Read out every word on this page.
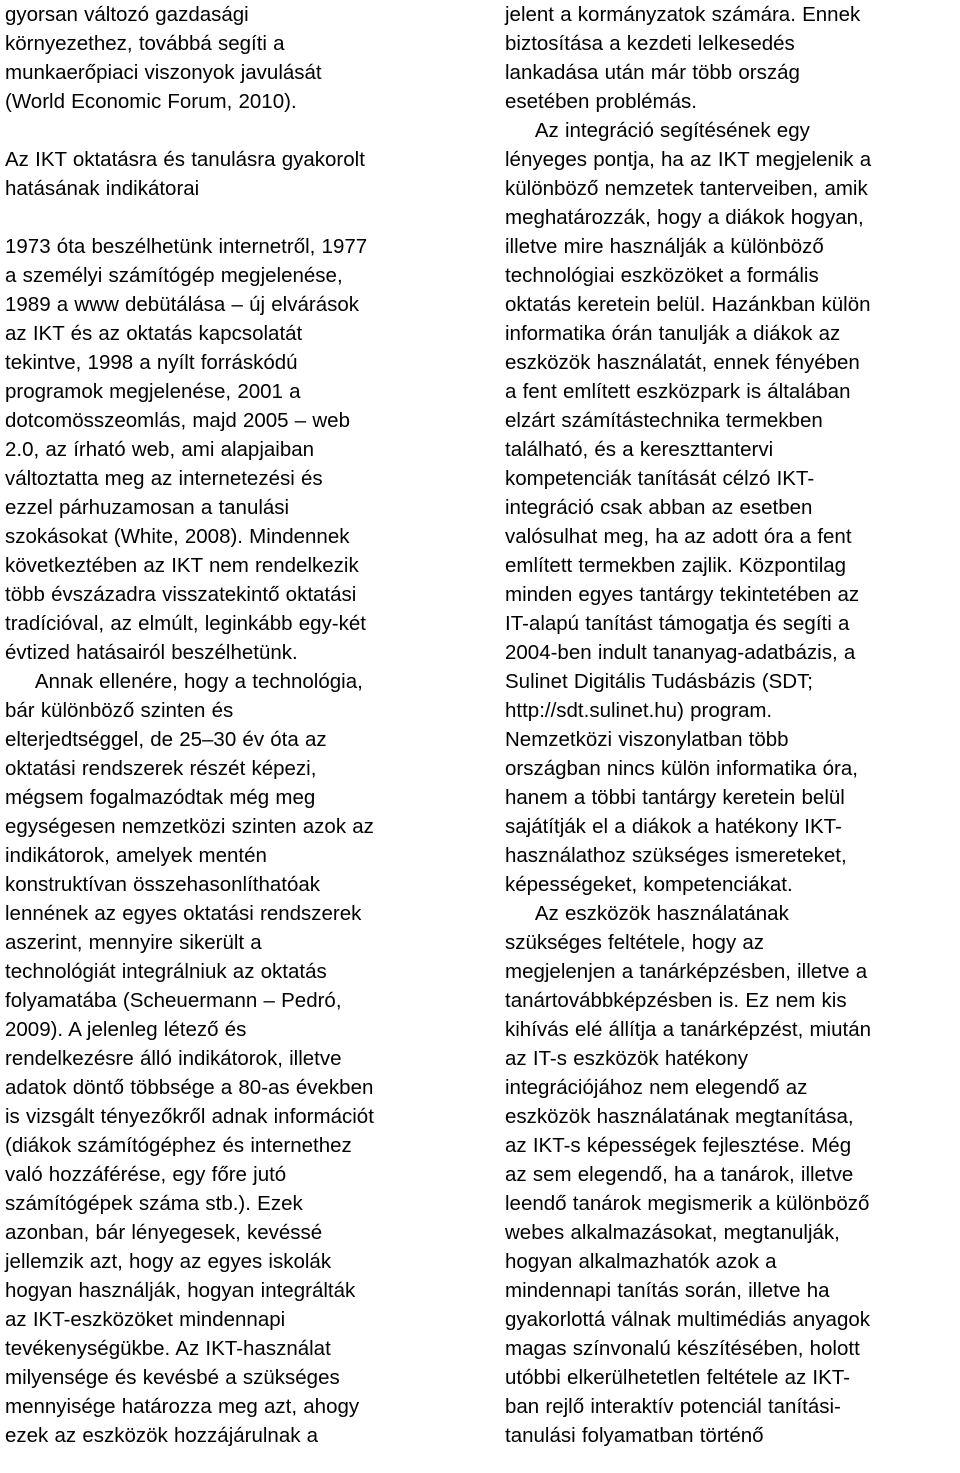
gyorsan változó gazdasági
környezethez, továbbá segíti a
munkaerőpiaci viszonyok javulását
(World Economic Forum, 2010).
Az IKT oktatásra és tanulásra gyakorolt
hatásának indikátorai
1973 óta beszélhetünk internetről, 1977
a személyi számítógép megjelenése,
1989 a www debütálása – új elvárások
az IKT és az oktatás kapcsolatát
tekintve, 1998 a nyílt forráskódú
programok megjelenése, 2001 a
dotcomösszeomlás, majd 2005 – web
2.0, az írható web, ami alapjaiban
változtatta meg az internetezési és
ezzel párhuzamosan a tanulási
szokásokat (White, 2008). Mindennek
következtében az IKT nem rendelkezik
több évszázadra visszatekintő oktatási
tradícióval, az elmúlt, leginkább egy-két
évtized hatásairól beszélhetünk.
Annak ellenére, hogy a technológia,
bár különböző szinten és
elterjedtséggel, de 25–30 év óta az
oktatási rendszerek részét képezi,
mégsem fogalmazódtak még meg
egységesen nemzetközi szinten azok az
indikátorok, amelyek mentén
konstruktívan összehasonlíthatóak
lennének az egyes oktatási rendszerek
aszerint, mennyire sikerült a
technológiát integrálniuk az oktatás
folyamatába (Scheuermann – Pedró,
2009). A jelenleg létező és
rendelkezésre álló indikátorok, illetve
adatok döntő többsége a 80-as években
is vizsgált tényezőkről adnak információt
(diákok számítógéphez és internethez
való hozzáférése, egy főre jutó
számítógépek száma stb.). Ezek
azonban, bár lényegesek, kevéssé
jellemzik azt, hogy az egyes iskolák
hogyan használják, hogyan integrálták
az IKT-eszközöket mindennapi
tevékenységükbe. Az IKT-használat
milyensége és kevésbé a szükséges
mennyisége határozza meg azt, ahogy
ezek az eszközök hozzájárulnak a
jelent a kormányzatok számára. Ennek
biztosítása a kezdeti lelkesedés
lankadása után már több ország
esetében problémás.
Az integráció segítésének egy
lényeges pontja, ha az IKT megjelenik a
különböző nemzetek tanterveiben, amik
meghatározzák, hogy a diákok hogyan,
illetve mire használják a különböző
technológiai eszközöket a formális
oktatás keretein belül. Hazánkban külön
informatika órán tanulják a diákok az
eszközök használatát, ennek fényében
a fent említett eszközpark is általában
elzárt számítástechnika termekben
található, és a kereszttantervi
kompetenciák tanítását célzó IKT-
integráció csak abban az esetben
valósulhat meg, ha az adott óra a fent
említett termekben zajlik. Központilag
minden egyes tantárgy tekintetében az
IT-alapú tanítást támogatja és segíti a
2004-ben indult tananyag-adatbázis, a
Sulinet Digitális Tudásbázis (SDT;
http://sdt.sulinet.hu) program.
Nemzetközi viszonylatban több
országban nincs külön informatika óra,
hanem a többi tantárgy keretein belül
sajátítják el a diákok a hatékony IKT-
használathoz szükséges ismereteket,
képességeket, kompetenciákat.
Az eszközök használatának
szükséges feltétele, hogy az
megjelenjen a tanárképzésben, illetve a
tanártovábbképzésben is. Ez nem kis
kihívás elé állítja a tanárképzést, miután
az IT-s eszközök hatékony
integrációjához nem elegendő az
eszközök használatának megtanítása,
az IKT-s képességek fejlesztése. Még
az sem elegendő, ha a tanárok, illetve
leendő tanárok megismerik a különböző
webes alkalmazásokat, megtanulják,
hogyan alkalmazhatók azok a
mindennapi tanítás során, illetve ha
gyakorlottá válnak multimédiás anyagok
magas színvonalú készítésében, holott
utóbbi elkerülhetetlen feltétele az IKT-
ban rejlő interaktív potenciál tanítási-
tanulási folyamatban történő
